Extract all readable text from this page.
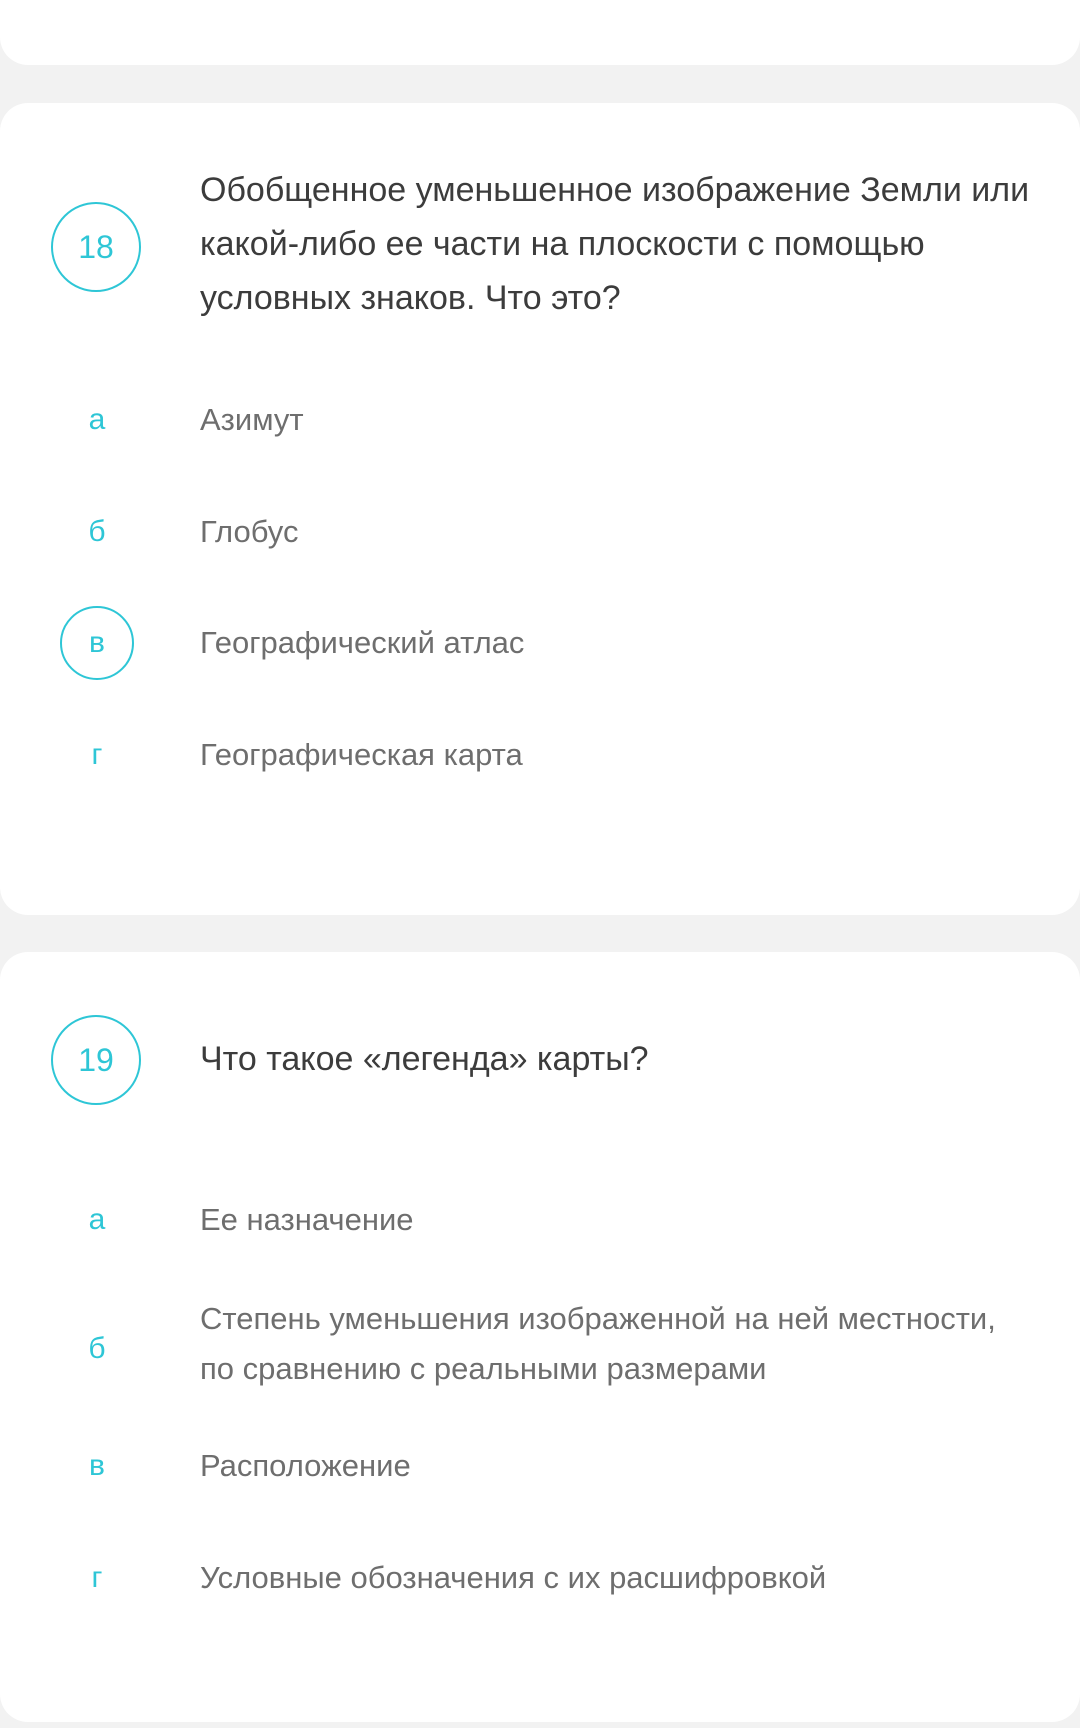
18
Обобщенное уменьшенное изображение Земли или какой-либо ее части на плоскости с помощью условных знаков. Что это?
а	Азимут
б	Глобус
в	Географический атлас
г	Географическая карта
19	Что такое «легенда» карты?
а	Ее назначение
б
Степень уменьшения изображенной на ней местности, по сравнению с реальными размерами
в	Расположение
г	Условные обозначения с их расшифровкой
